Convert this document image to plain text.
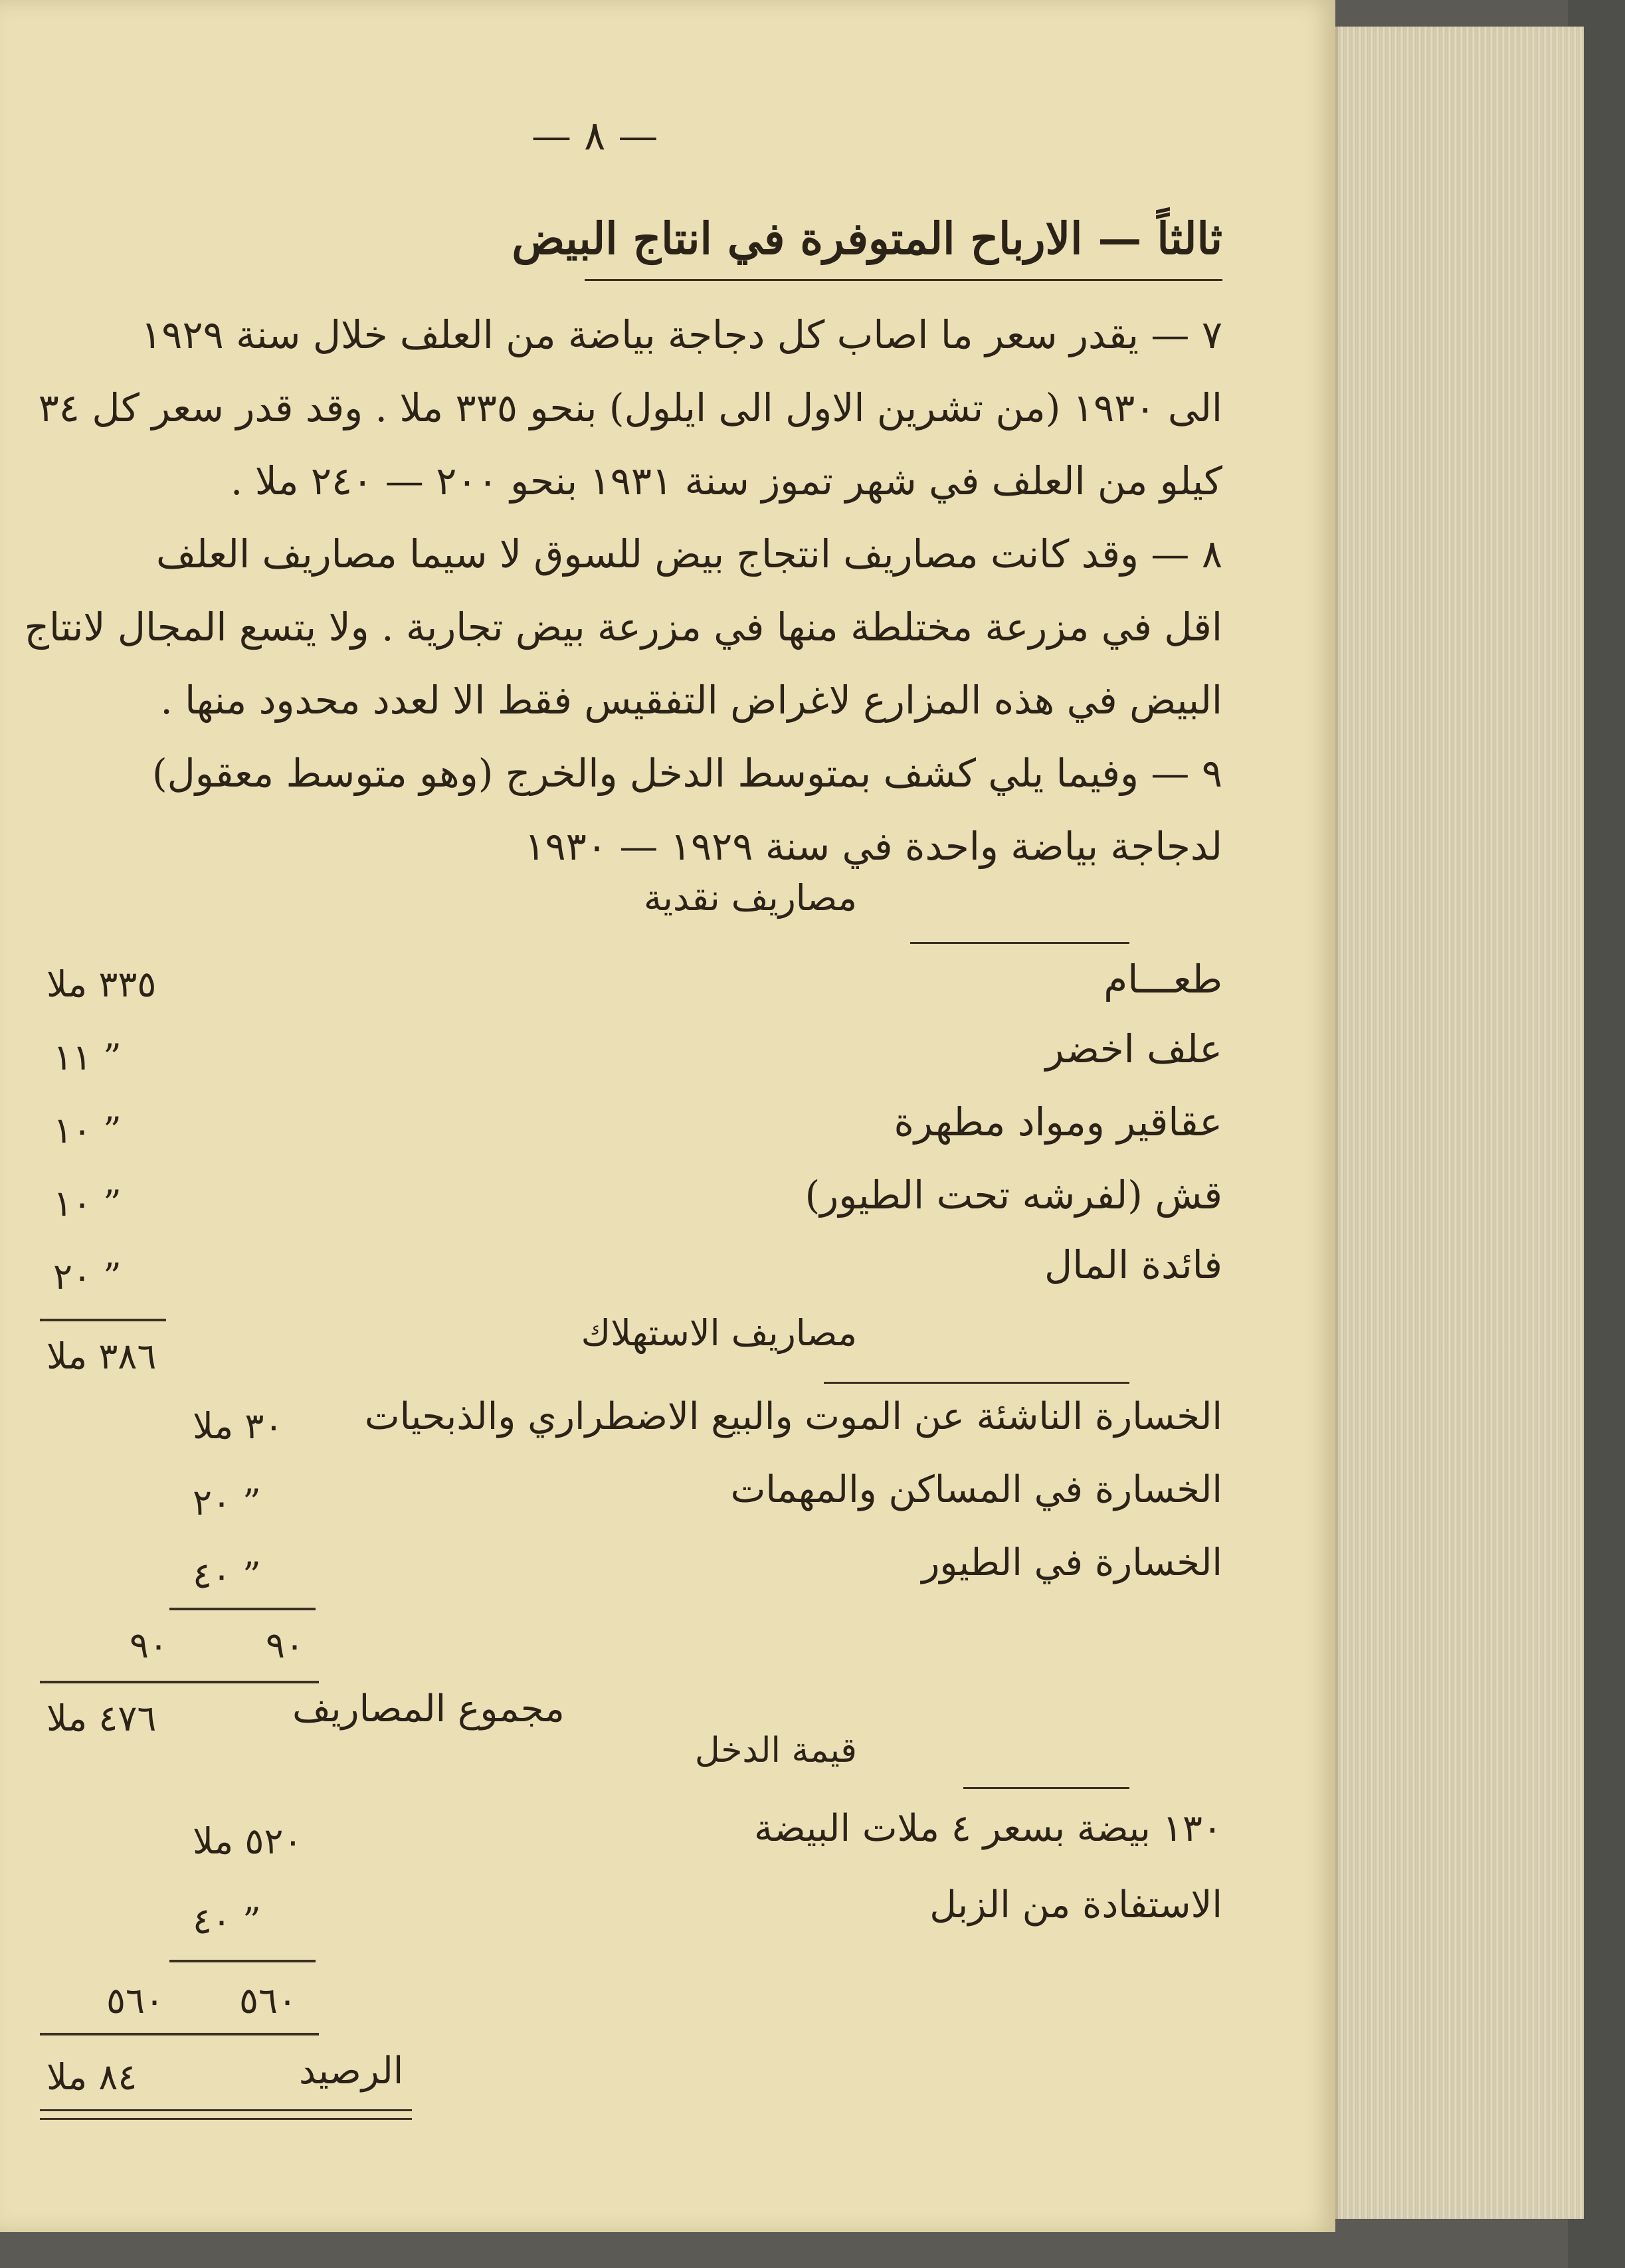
— ٨ —
ثالثاً — الارباح المتوفرة في انتاج البيض
٧ — يقدر سعر ما اصاب كل دجاجة بياضة من العلف خلال سنة ١٩٢٩
الى ١٩٣٠ (من تشرين الاول الى ايلول) بنحو ٣٣٥ ملا . وقد قدر سعر كل ٣٤
كيلو من العلف في شهر تموز سنة ١٩٣١ بنحو ٢٠٠ — ٢٤٠ ملا .
٨ — وقد كانت مصاريف انتجاج بيض للسوق لا سيما مصاريف العلف
اقل في مزرعة مختلطة منها في مزرعة بيض تجارية . ولا يتسع المجال لانتاج
البيض في هذه المزارع لاغراض التفقيس فقط الا لعدد محدود منها .
٩ — وفيما يلي كشف بمتوسط الدخل والخرج (وهو متوسط معقول)
لدجاجة بياضة واحدة في سنة ١٩٢٩ — ١٩٣٠
مصاريف نقدية
طعـــام
٣٣٥ ملا
علف اخضر
١١ ”
عقاقير ومواد مطهرة
١٠ ”
قش (لفرشه تحت الطيور)
١٠ ”
فائدة المال
٢٠ ”
٣٨٦ ملا
مصاريف الاستهلاك
الخسارة الناشئة عن الموت والبيع الاضطراري والذبحيات
٣٠ ملا
الخسارة في المساكن والمهمات
٢٠ ”
الخسارة في الطيور
٤٠ ”
٩٠
٩٠
مجموع المصاريف
٤٧٦ ملا
قيمة الدخل
١٣٠ بيضة بسعر ٤ ملات البيضة
٥٢٠ ملا
الاستفادة من الزبل
٤٠ ”
٥٦٠
٥٦٠
الرصيد
٨٤ ملا
